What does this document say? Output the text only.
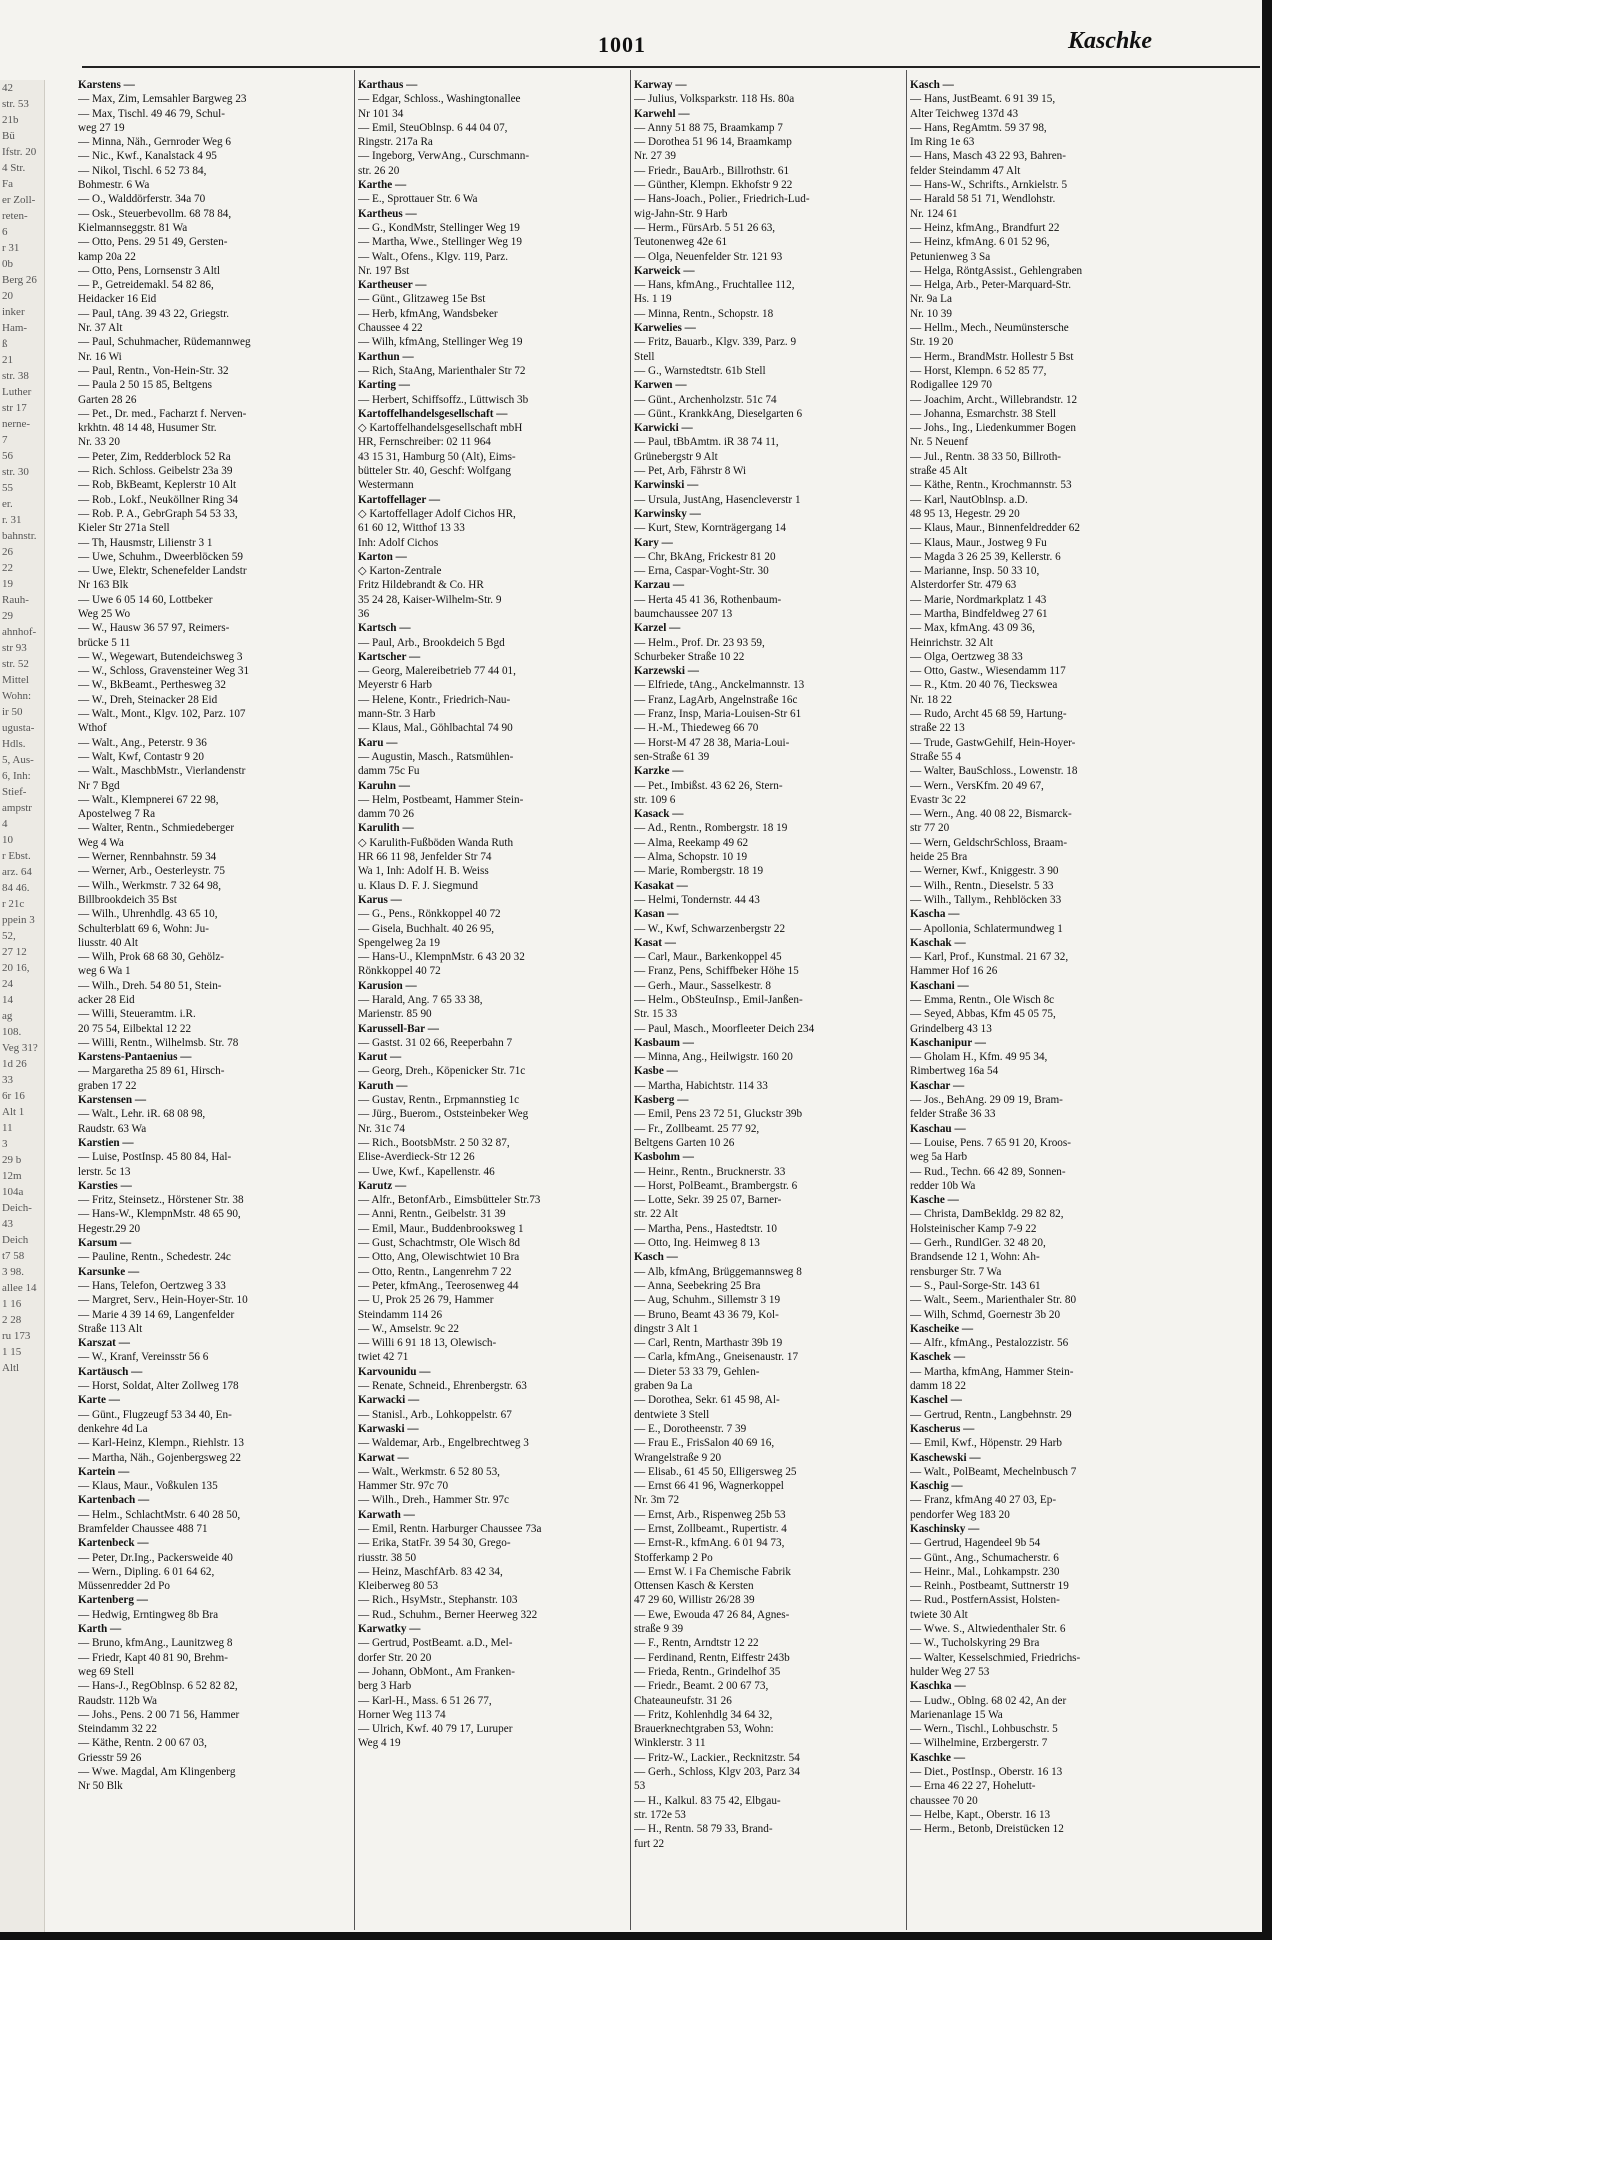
42
str. 53
21b
Bü
Ifstr. 20
4 Str.
Fa
er Zoll-
reten-
6
r 31
0b
Berg 26
20
inker
Ham-
ß
21
str. 38
Luther
str 17
nerne-
7
56
str. 30
55
er.
r. 31
bahnstr.
26
22
19
Rauh-
29
ahnhof-
str 93
str. 52
Mittel
Wohn:
ir 50
ugusta-
Hdls.
5, Aus-
6, Inh:
Stief-
ampstr
4
10
r Ebst.
arz. 64
84 46.
r 21c
ppein 3
52,
27 12
20 16,
24
14
ag
108.
Veg 31?
1d 26
33
6r 16
Alt 1
11
3
29 b
12m
104a
Deich-
43
Deich
t7 58
3 98.
allee 14
1 16
2 28
ru 173
1 15
Altl
1001	Kaschke
Karstens —
— Max, Zim, Lemsahler Bargweg 23
— Max, Tischl. 49 46 79, Schul-
weg 27 19
— Minna, Näh., Gernroder Weg 6
— Nic., Kwf., Kanalstack 4 95
— Nikol, Tischl. 6 52 73 84,
Bohmestr. 6 Wa
— O., Walddörferstr. 34a 70
— Osk., Steuerbevollm. 68 78 84,
Kielmannseggstr. 81 Wa
— Otto, Pens. 29 51 49, Gersten-
kamp 20a 22
— Otto, Pens, Lornsenstr 3 Altl
— P., Getreidemakl. 54 82 86,
Heidacker 16 Eid
— Paul, tAng. 39 43 22, Griegstr.
Nr. 37 Alt
— Paul, Schuhmacher, Rüdemannweg
Nr. 16 Wi
— Paul, Rentn., Von-Hein-Str. 32
— Paula 2 50 15 85, Beltgens
Garten 28 26
— Pet., Dr. med., Facharzt f. Nerven-
krkhtn. 48 14 48, Husumer Str.
Nr. 33 20
— Peter, Zim, Redderblock 52 Ra
— Rich. Schloss. Geibelstr 23a 39
— Rob, BkBeamt, Keplerstr 10 Alt
— Rob., Lokf., Neuköllner Ring 34
— Rob. P. A., GebrGraph 54 53 33,
Kieler Str 271a Stell
— Th, Hausmstr, Lilienstr 3 1
— Uwe, Schuhm., Dweerblöcken 59
— Uwe, Elektr, Schenefelder Landstr
Nr 163 Blk
— Uwe 6 05 14 60, Lottbeker
Weg 25 Wo
— W., Hausw 36 57 97, Reimers-
brücke 5 11
— W., Wegewart, Butendeichsweg 3
— W., Schloss, Gravensteiner Weg 31
— W., BkBeamt., Perthesweg 32
— W., Dreh, Steinacker 28 Eid
— Walt., Mont., Klgv. 102, Parz. 107
Wthof
— Walt., Ang., Peterstr. 9 36
— Walt, Kwf, Contastr 9 20
— Walt., MaschbMstr., Vierlandenstr
Nr 7 Bgd
— Walt., Klempnerei 67 22 98,
Apostelweg 7 Ra
— Walter, Rentn., Schmiedeberger
Weg 4 Wa
— Werner, Rennbahnstr. 59 34
— Werner, Arb., Oesterleystr. 75
— Wilh., Werkmstr. 7 32 64 98,
Billbrookdeich 35 Bst
— Wilh., Uhrenhdlg. 43 65 10,
Schulterblatt 69 6, Wohn: Ju-
liusstr. 40 Alt
— Wilh, Prok 68 68 30, Gehölz-
weg 6 Wa 1
— Wilh., Dreh. 54 80 51, Stein-
acker 28 Eid
— Willi, Steueramtm. i.R.
20 75 54, Eilbektal 12 22
— Willi, Rentn., Wilhelmsb. Str. 78
Karstens-Pantaenius —
— Margaretha 25 89 61, Hirsch-
graben 17 22
Karstensen —
— Walt., Lehr. iR. 68 08 98,
Raudstr. 63 Wa
Karstien —
— Luise, PostInsp. 45 80 84, Hal-
lerstr. 5c 13
Karsties —
— Fritz, Steinsetz., Hörstener Str. 38
— Hans-W., KlempnMstr. 48 65 90,
Hegestr.29 20
Karsum —
— Pauline, Rentn., Schedestr. 24c
Karsunke —
— Hans, Telefon, Oertzweg 3 33
— Margret, Serv., Hein-Hoyer-Str. 10
— Marie 4 39 14 69, Langenfelder
Straße 113 Alt
Karszat —
— W., Kranf, Vereinsstr 56 6
Kartäusch —
— Horst, Soldat, Alter Zollweg 178
Karte —
— Günt., Flugzeugf 53 34 40, En-
denkehre 4d La
— Karl-Heinz, Klempn., Riehlstr. 13
— Martha, Näh., Gojenbergsweg 22
Kartein —
— Klaus, Maur., Voßkulen 135
Kartenbach —
— Helm., SchlachtMstr. 6 40 28 50,
Bramfelder Chaussee 488 71
Kartenbeck —
— Peter, Dr.Ing., Packersweide 40
— Wern., Dipling. 6 01 64 62,
Müssenredder 2d Po
Kartenberg —
— Hedwig, Erntingweg 8b Bra
Karth —
— Bruno, kfmAng., Launitzweg 8
— Friedr, Kapt 40 81 90, Brehm-
weg 69 Stell
— Hans-J., RegOblnsp. 6 52 82 82,
Raudstr. 112b Wa
— Johs., Pens. 2 00 71 56, Hammer
Steindamm 32 22
— Käthe, Rentn. 2 00 67 03,
Griesstr 59 26
— Wwe. Magdal, Am Klingenberg
Nr 50 Blk
Karthaus —
— Edgar, Schloss., Washingtonallee
Nr 101 34
— Emil, SteuOblnsp. 6 44 04 07,
Ringstr. 217a Ra
— Ingeborg, VerwAng., Curschmann-
str. 26 20
Karthe —
— E., Sprottauer Str. 6 Wa
Kartheus —
— G., KondMstr, Stellinger Weg 19
— Martha, Wwe., Stellinger Weg 19
— Walt., Ofens., Klgv. 119, Parz.
Nr. 197 Bst
Kartheuser —
— Günt., Glitzaweg 15e Bst
— Herb, kfmAng, Wandsbeker
Chaussee 4 22
— Wilh, kfmAng, Stellinger Weg 19
Karthun —
— Rich, StaAng, Marienthaler Str 72
Karting —
— Herbert, Schiffsoffz., Lüttwisch 3b
Kartoffelhandelsgesellschaft —
◇ Kartoffelhandelsgesellschaft mbH
HR, Fernschreiber: 02 11 964
43 15 31, Hamburg 50 (Alt), Eims-
bütteler Str. 40, Geschf: Wolfgang
Westermann
Kartoffellager —
◇ Kartoffellager Adolf Cichos HR,
61 60 12, Witthof 13 33
Inh: Adolf Cichos
Karton —
◇ Karton-Zentrale
Fritz Hildebrandt & Co. HR
35 24 28, Kaiser-Wilhelm-Str. 9
36
Kartsch —
— Paul, Arb., Brookdeich 5 Bgd
Kartscher —
— Georg, Malereibetrieb 77 44 01,
Meyerstr 6 Harb
— Helene, Kontr., Friedrich-Nau-
mann-Str. 3 Harb
— Klaus, Mal., Göhlbachtal 74 90
Karu —
— Augustin, Masch., Ratsmühlen-
damm 75c Fu
Karuhn —
— Helm, Postbeamt, Hammer Stein-
damm 70 26
Karulith —
◇ Karulith-Fußböden Wanda Ruth
HR 66 11 98, Jenfelder Str 74
Wa 1, Inh: Adolf H. B. Weiss
u. Klaus D. F. J. Siegmund
Karus —
— G., Pens., Rönkkoppel 40 72
— Gisela, Buchhalt. 40 26 95,
Spengelweg 2a 19
— Hans-U., KlempnMstr. 6 43 20 32
Rönkkoppel 40 72
Karusion —
— Harald, Ang. 7 65 33 38,
Marienstr. 85 90
Karussell-Bar —
— Gastst. 31 02 66, Reeperbahn 7
Karut —
— Georg, Dreh., Köpenicker Str. 71c
Karuth —
— Gustav, Rentn., Erpmannstieg 1c
— Jürg., Buerom., Oststeinbeker Weg
Nr. 31c 74
— Rich., BootsbMstr. 2 50 32 87,
Elise-Averdieck-Str 12 26
— Uwe, Kwf., Kapellenstr. 46
Karutz —
— Alfr., BetonfArb., Eimsbütteler Str.73
— Anni, Rentn., Geibelstr. 31 39
— Emil, Maur., Buddenbrooksweg 1
— Gust, Schachtmstr, Ole Wisch 8d
— Otto, Ang, Olewischtwiet 10 Bra
— Otto, Rentn., Langenrehm 7 22
— Peter, kfmAng., Teerosenweg 44
— U, Prok 25 26 79, Hammer
Steindamm 114 26
— W., Amselstr. 9c 22
— Willi 6 91 18 13, Olewisch-
twiet 42 71
Karvounidu —
— Renate, Schneid., Ehrenbergstr. 63
Karwacki —
— Stanisl., Arb., Lohkoppelstr. 67
Karwaski —
— Waldemar, Arb., Engelbrechtweg 3
Karwat —
— Walt., Werkmstr. 6 52 80 53,
Hammer Str. 97c 70
— Wilh., Dreh., Hammer Str. 97c
Karwath —
— Emil, Rentn. Harburger Chaussee 73a
— Erika, StatFr. 39 54 30, Grego-
riusstr. 38 50
— Heinz, MaschfArb. 83 42 34,
Kleiberweg 80 53
— Rich., HsyMstr., Stephanstr. 103
— Rud., Schuhm., Berner Heerweg 322
Karwatky —
— Gertrud, PostBeamt. a.D., Mel-
dorfer Str. 20 20
— Johann, ObMont., Am Franken-
berg 3 Harb
— Karl-H., Mass. 6 51 26 77,
Horner Weg 113 74
— Ulrich, Kwf. 40 79 17, Luruper
Weg 4 19
Karway —
— Julius, Volksparkstr. 118 Hs. 80a
Karwehl —
— Anny 51 88 75, Braamkamp 7
— Dorothea 51 96 14, Braamkamp
Nr. 27 39
— Friedr., BauArb., Billrothstr. 61
— Günther, Klempn. Ekhofstr 9 22
— Hans-Joach., Polier., Friedrich-Lud-
wig-Jahn-Str. 9 Harb
— Herm., FürsArb. 5 51 26 63,
Teutonenweg 42e 61
— Olga, Neuenfelder Str. 121 93
Karweick —
— Hans, kfmAng., Fruchtallee 112,
Hs. 1 19
— Minna, Rentn., Schopstr. 18
Karwelies —
— Fritz, Bauarb., Klgv. 339, Parz. 9
Stell
— G., Warnstedtstr. 61b Stell
Karwen —
— Günt., Archenholzstr. 51c 74
— Günt., KrankkAng, Dieselgarten 6
Karwicki —
— Paul, tBbAmtm. iR 38 74 11,
Grünebergstr 9 Alt
— Pet, Arb, Fährstr 8 Wi
Karwinski —
— Ursula, JustAng, Hasencleverstr 1
Karwinsky —
— Kurt, Stew, Kornträgergang 14
Kary —
— Chr, BkAng, Frickestr 81 20
— Erna, Caspar-Voght-Str. 30
Karzau —
— Herta 45 41 36, Rothenbaum-
baumchaussee 207 13
Karzel —
— Helm., Prof. Dr. 23 93 59,
Schurbeker Straße 10 22
Karzewski —
— Elfriede, tAng., Anckelmannstr. 13
— Franz, LagArb, Angelnstraße 16c
— Franz, Insp, Maria-Louisen-Str 61
— H.-M., Thiedeweg 66 70
— Horst-M 47 28 38, Maria-Loui-
sen-Straße 61 39
Karzke —
— Pet., Imbißst. 43 62 26, Stern-
str. 109 6
Kasack —
— Ad., Rentn., Rombergstr. 18 19
— Alma, Reekamp 49 62
— Alma, Schopstr. 10 19
— Marie, Rombergstr. 18 19
Kasakat —
— Helmi, Tondernstr. 44 43
Kasan —
— W., Kwf, Schwarzenbergstr 22
Kasat —
— Carl, Maur., Barkenkoppel 45
— Franz, Pens, Schiffbeker Höhe 15
— Gerh., Maur., Sasselkestr. 8
— Helm., ObSteuInsp., Emil-Janßen-
Str. 15 33
— Paul, Masch., Moorfleeter Deich 234
Kasbaum —
— Minna, Ang., Heilwigstr. 160 20
Kasbe —
— Martha, Habichtstr. 114 33
Kasberg —
— Emil, Pens 23 72 51, Gluckstr 39b
— Fr., Zollbeamt. 25 77 92,
Beltgens Garten 10 26
Kasbohm —
— Heinr., Rentn., Brucknerstr. 33
— Horst, PolBeamt., Brambergstr. 6
— Lotte, Sekr. 39 25 07, Barner-
str. 22 Alt
— Martha, Pens., Hastedtstr. 10
— Otto, Ing. Heimweg 8 13
Kasch —
— Alb, kfmAng, Brüggemannsweg 8
— Anna, Seebekring 25 Bra
— Aug, Schuhm., Sillemstr 3 19
— Bruno, Beamt 43 36 79, Kol-
dingstr 3 Alt 1
— Carl, Rentn, Marthastr 39b 19
— Carla, kfmAng., Gneisenaustr. 17
— Dieter 53 33 79, Gehlen-
graben 9a La
— Dorothea, Sekr. 61 45 98, Al-
dentwiete 3 Stell
— E., Dorotheenstr. 7 39
— Frau E., FrisSalon 40 69 16,
Wrangelstraße 9 20
— Elisab., 61 45 50, Elligersweg 25
— Ernst 66 41 96, Wagnerkoppel
Nr. 3m 72
— Ernst, Arb., Rispenweg 25b 53
— Ernst, Zollbeamt., Rupertistr. 4
— Ernst-R., kfmAng. 6 01 94 73,
Stofferkamp 2 Po
— Ernst W. i Fa Chemische Fabrik
Ottensen Kasch & Kersten
47 29 60, Willistr 26/28 39
— Ewe, Ewouda 47 26 84, Agnes-
straße 9 39
— F., Rentn, Arndtstr 12 22
— Ferdinand, Rentn, Eiffestr 243b
— Frieda, Rentn., Grindelhof 35
— Friedr., Beamt. 2 00 67 73,
Chateauneufstr. 31 26
— Fritz, Kohlenhdlg 34 64 32,
Brauerknechtgraben 53, Wohn:
Winklerstr. 3 11
— Fritz-W., Lackier., Recknitzstr. 54
— Gerh., Schloss, Klgv 203, Parz 34
53
— H., Kalkul. 83 75 42, Elbgau-
str. 172e 53
— H., Rentn. 58 79 33, Brand-
furt 22
Kasch —
— Hans, JustBeamt. 6 91 39 15,
Alter Teichweg 137d 43
— Hans, RegAmtm. 59 37 98,
Im Ring 1e 63
— Hans, Masch 43 22 93, Bahren-
felder Steindamm 47 Alt
— Hans-W., Schrifts., Arnkielstr. 5
— Harald 58 51 71, Wendlohstr.
Nr. 124 61
— Heinz, kfmAng., Brandfurt 22
— Heinz, kfmAng. 6 01 52 96,
Petunienweg 3 Sa
— Helga, RöntgAssist., Gehlengraben
— Helga, Arb., Peter-Marquard-Str.
Nr. 9a La
Nr. 10 39
— Hellm., Mech., Neumünstersche
Str. 19 20
— Herm., BrandMstr. Hollestr 5 Bst
— Horst, Klempn. 6 52 85 77,
Rodigallee 129 70
— Joachim, Archt., Willebrandstr. 12
— Johanna, Esmarchstr. 38 Stell
— Johs., Ing., Liedenkummer Bogen
Nr. 5 Neuenf
— Jul., Rentn. 38 33 50, Billroth-
straße 45 Alt
— Käthe, Rentn., Krochmannstr. 53
— Karl, NautOblnsp. a.D.
48 95 13, Hegestr. 29 20
— Klaus, Maur., Binnenfeldredder 62
— Klaus, Maur., Jostweg 9 Fu
— Magda 3 26 25 39, Kellerstr. 6
— Marianne, Insp. 50 33 10,
Alsterdorfer Str. 479 63
— Marie, Nordmarkplatz 1 43
— Martha, Bindfeldweg 27 61
— Max, kfmAng. 43 09 36,
Heinrichstr. 32 Alt
— Olga, Oertzweg 38 33
— Otto, Gastw., Wiesendamm 117
— R., Ktm. 20 40 76, Tieckswea
Nr. 18 22
— Rudo, Archt 45 68 59, Hartung-
straße 22 13
— Trude, GastwGehilf, Hein-Hoyer-
Straße 55 4
— Walter, BauSchloss., Lowenstr. 18
— Wern., VersKfm. 20 49 67,
Evastr 3c 22
— Wern., Ang. 40 08 22, Bismarck-
str 77 20
— Wern, GeldschrSchloss, Braam-
heide 25 Bra
— Werner, Kwf., Kniggestr. 3 90
— Wilh., Rentn., Dieselstr. 5 33
— Wilh., Tallym., Rehblöcken 33
Kascha —
— Apollonia, Schlatermundweg 1
Kaschak —
— Karl, Prof., Kunstmal. 21 67 32,
Hammer Hof 16 26
Kaschani —
— Emma, Rentn., Ole Wisch 8c
— Seyed, Abbas, Kfm 45 05 75,
Grindelberg 43 13
Kaschanipur —
— Gholam H., Kfm. 49 95 34,
Rimbertweg 16a 54
Kaschar —
— Jos., BehAng. 29 09 19, Bram-
felder Straße 36 33
Kaschau —
— Louise, Pens. 7 65 91 20, Kroos-
weg 5a Harb
— Rud., Techn. 66 42 89, Sonnen-
redder 10b Wa
Kasche —
— Christa, DamBekldg. 29 82 82,
Holsteinischer Kamp 7-9 22
— Gerh., RundlGer. 32 48 20,
Brandsende 12 1, Wohn: Ah-
rensburger Str. 7 Wa
— S., Paul-Sorge-Str. 143 61
— Walt., Seem., Marienthaler Str. 80
— Wilh, Schmd, Goernestr 3b 20
Kascheike —
— Alfr., kfmAng., Pestalozzistr. 56
Kaschek —
— Martha, kfmAng, Hammer Stein-
damm 18 22
Kaschel —
— Gertrud, Rentn., Langbehnstr. 29
Kascherus —
— Emil, Kwf., Höpenstr. 29 Harb
Kaschewski —
— Walt., PolBeamt, Mechelnbusch 7
Kaschig —
— Franz, kfmAng 40 27 03, Ep-
pendorfer Weg 183 20
Kaschinsky —
— Gertrud, Hagendeel 9b 54
— Günt., Ang., Schumacherstr. 6
— Heinr., Mal., Lohkampstr. 230
— Reinh., Postbeamt, Suttnerstr 19
— Rud., PostfernAssist, Holsten-
twiete 30 Alt
— Wwe. S., Altwiedenthaler Str. 6
— W., Tucholskyring 29 Bra
— Walter, Kesselschmied, Friedrichs-
hulder Weg 27 53
Kaschka —
— Ludw., Oblng. 68 02 42, An der
Marienanlage 15 Wa
— Wern., Tischl., Lohbuschstr. 5
— Wilhelmine, Erzbergerstr. 7
Kaschke —
— Diet., PostInsp., Oberstr. 16 13
— Erna 46 22 27, Hohelutt-
chaussee 70 20
— Helbe, Kapt., Oberstr. 16 13
— Herm., Betonb, Dreistücken 12
